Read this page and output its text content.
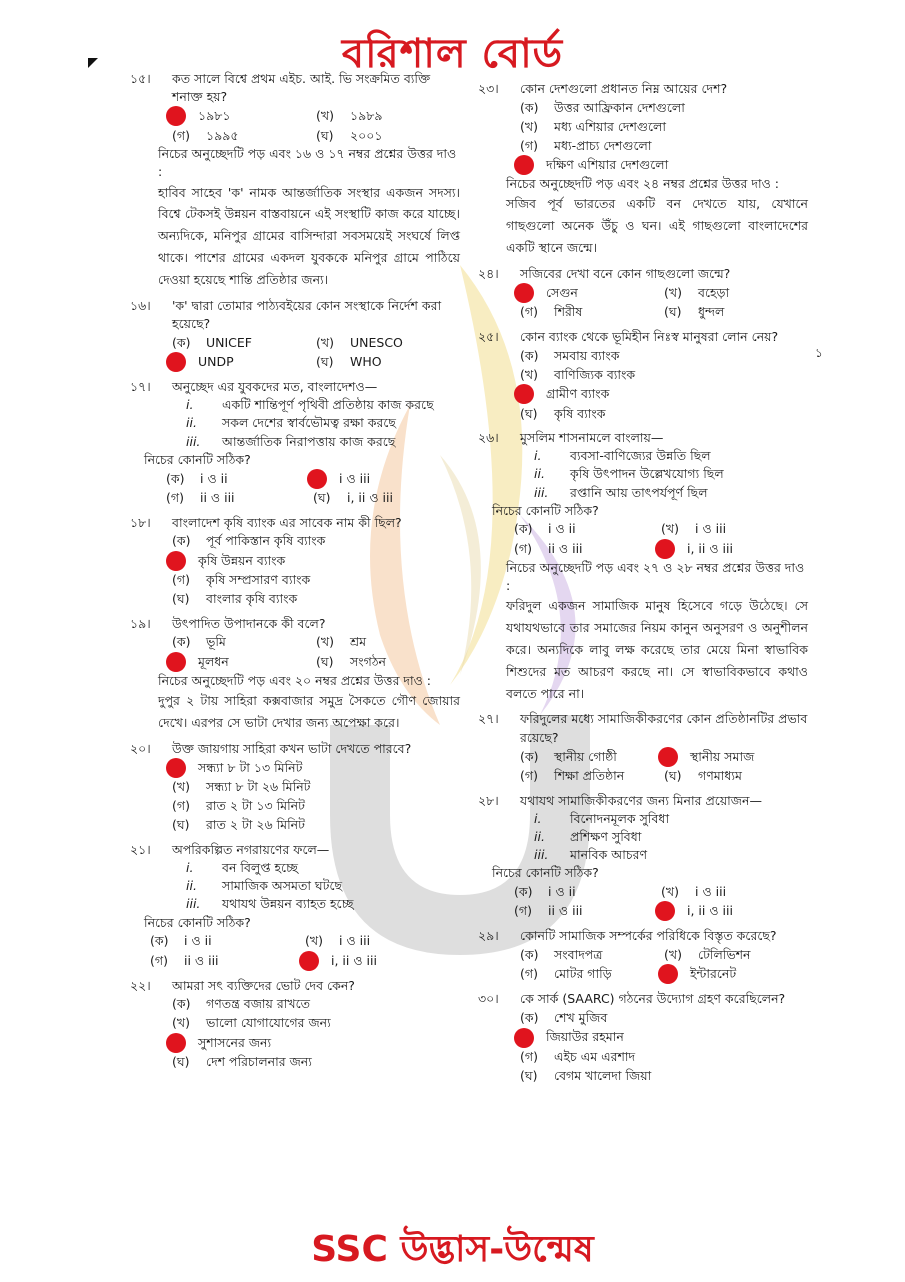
বরিশাল বোর্ড
১
১৫। কত সালে বিশ্বে প্রথম এইচ. আই. ভি সংক্রমিত ব্যক্তি শনাক্ত হয়?

১৯৮১	(খ)	১৯৮৯
(গ)	১৯৯৫	(ঘ)	২০০১

নিচের অনুচ্ছেদটি পড় এবং ১৬ ও ১৭ নম্বর প্রশ্নের উত্তর দাও :

হাবিব সাহেব 'ক' নামক আন্তর্জাতিক সংস্থার একজন সদস্য। বিশ্বে টেকসই উন্নয়ন বাস্তবায়নে এই সংস্থাটি কাজ করে যাচ্ছে। অন্যদিকে, মনিপুর গ্রামের বাসিন্দারা সবসময়েই সংঘর্ষে লিপ্ত থাকে। পাশের গ্রামের একদল যুবককে মনিপুর গ্রামে পাঠিয়ে দেওয়া হয়েছে শান্তি প্রতিষ্ঠার জন্য।

১৬। 'ক' দ্বারা তোমার পাঠ্যবইয়ের কোন সংস্থাকে নির্দেশ করা হয়েছে?

(ক)	UNICEF	(খ)	UNESCO
UNDP	(ঘ)	WHO
১৭। অনুচ্ছেদ এর যুবকদের মত, বাংলাদেশও—

i.	একটি শান্তিপূর্ণ পৃথিবী প্রতিষ্ঠায় কাজ করছে
ii.	সকল দেশের স্বার্বভৌমত্ব রক্ষা করছে
iii.	আন্তর্জাতিক নিরাপত্তায় কাজ করছে

নিচের কোনটি সঠিক?

(ক)	i ও ii	i ও iii
(গ)	ii ও iii	(ঘ)	i, ii ও iii
১৮। বাংলাদেশ কৃষি ব্যাংক এর সাবেক নাম কী ছিল?

(ক)	পূর্ব পাকিস্তান কৃষি ব্যাংক
কৃষি উন্নয়ন ব্যাংক
(গ)	কৃষি সম্প্রসারণ ব্যাংক
(ঘ)	বাংলার কৃষি ব্যাংক
১৯। উৎপাদিত উপাদানকে কী বলে?

(ক)	ভূমি	(খ)	শ্রম
মূলধন	(ঘ)	সংগঠন

নিচের অনুচ্ছেদটি পড় এবং ২০ নম্বর প্রশ্নের উত্তর দাও :

দুপুর ২ টায় সাহিরা কক্সবাজার সমুদ্র সৈকতে গৌণ জোয়ার দেখে। এরপর সে ভাটা দেখার জন্য অপেক্ষা করে।

২০। উক্ত জায়গায় সাহিরা কখন ভাটা দেখতে পারবে?

সন্ধ্যা ৮ টা ১৩ মিনিট
(খ)	সন্ধ্যা ৮ টা ২৬ মিনিট
(গ)	রাত ২ টা ১৩ মিনিট
(ঘ)	রাত ২ টা ২৬ মিনিট
২১। অপরিকল্পিত নগরায়ণের ফলে—

i.	বন বিলুপ্ত হচ্ছে
ii.	সামাজিক অসমতা ঘটছে
iii.	যথাযথ উন্নয়ন ব্যাহত হচ্ছে

নিচের কোনটি সঠিক?

(ক)	i ও ii	(খ)	i ও iii
(গ)	ii ও iii	i, ii ও iii
২২। আমরা সৎ ব্যক্তিদের ভোট দেব কেন?

(ক)	গণতন্ত্র বজায় রাখতে
(খ)	ভালো যোগাযোগের জন্য
সুশাসনের জন্য
(ঘ)	দেশ পরিচালনার জন্য
২৩। কোন দেশগুলো প্রধানত নিম্ন আয়ের দেশ?

(ক)	উত্তর আফ্রিকান দেশগুলো
(খ)	মধ্য এশিয়ার দেশগুলো
(গ)	মধ্য-প্রাচ্য দেশগুলো
দক্ষিণ এশিয়ার দেশগুলো

নিচের অনুচ্ছেদটি পড় এবং ২৪ নম্বর প্রশ্নের উত্তর দাও :

সজিব পূর্ব ভারতের একটি বন দেখতে যায়, যেখানে গাছগুলো অনেক উঁচু ও ঘন। এই গাছগুলো বাংলাদেশের একটি স্থানে জন্মে।

২৪। সজিবের দেখা বনে কোন গাছগুলো জন্মে?

সেগুন	(খ)	বহেড়া
(গ)	শিরীষ	(ঘ)	ধুন্দল
২৫। কোন ব্যাংক থেকে ভূমিহীন নিঃস্ব মানুষরা লোন নেয়?

(ক)	সমবায় ব্যাংক
(খ)	বাণিজ্যিক ব্যাংক
গ্রামীণ ব্যাংক
(ঘ)	কৃষি ব্যাংক
২৬। মুসলিম শাসনামলে বাংলায়—

i.	ব্যবসা-বাণিজ্যের উন্নতি ছিল
ii.	কৃষি উৎপাদন উল্লেখযোগ্য ছিল
iii.	রপ্তানি আয় তাৎপর্যপূর্ণ ছিল

নিচের কোনটি সঠিক?

(ক)	i ও ii	(খ)	i ও iii
(গ)	ii ও iii	i, ii ও iii

নিচের অনুচ্ছেদটি পড় এবং ২৭ ও ২৮ নম্বর প্রশ্নের উত্তর দাও :

ফরিদুল একজন সামাজিক মানুষ হিসেবে গড়ে উঠেছে। সে যথাযথভাবে তার সমাজের নিয়ম কানুন অনুসরণ ও অনুশীলন করে। অন্যদিকে লাবু লক্ষ করেছে তার মেয়ে মিনা স্বাভাবিক শিশুদের মত আচরণ করছে না। সে স্বাভাবিকভাবে কথাও বলতে পারে না।

২৭। ফরিদুলের মধ্যে সামাজিকীকরণের কোন প্রতিষ্ঠানটির প্রভাব রয়েছে?

(ক)	স্থানীয় গোষ্ঠী	স্থানীয় সমাজ
(গ)	শিক্ষা প্রতিষ্ঠান	(ঘ)	গণমাধ্যম
২৮। যথাযথ সামাজিকীকরণের জন্য মিনার প্রয়োজন—

i.	বিনোদনমূলক সুবিধা
ii.	প্রশিক্ষণ সুবিধা
iii.	মানবিক আচরণ

নিচের কোনটি সঠিক?

(ক)	i ও ii	(খ)	i ও iii
(গ)	ii ও iii	i, ii ও iii
২৯। কোনটি সামাজিক সম্পর্কের পরিধিকে বিস্তৃত করেছে?

(ক)	সংবাদপত্র	(খ)	টেলিভিশন
(গ)	মোটর গাড়ি	ইন্টারনেট
৩০। কে সার্ক (SAARC) গঠনের উদ্যোগ গ্রহণ করেছিলেন?

(ক)	শেখ মুজিব
জিয়াউর রহমান
(গ)	এইচ এম এরশাদ
(ঘ)	বেগম খালেদা জিয়া
SSC উদ্ভাস-উন্মেষ
